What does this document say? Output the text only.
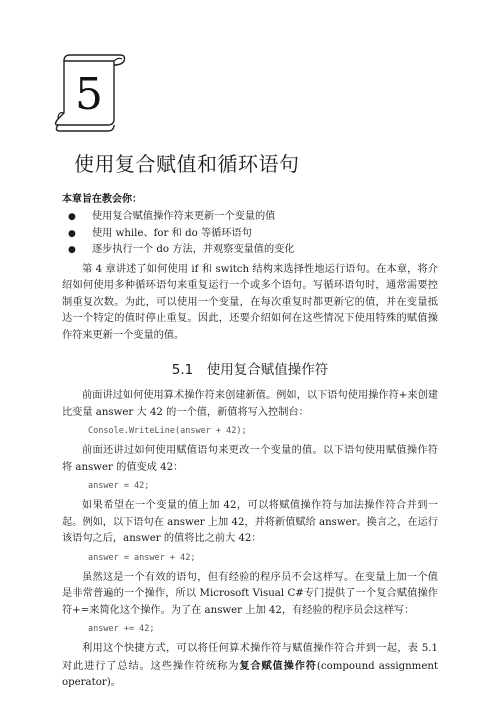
5
使用复合赋值和循环语句

本章旨在教会你：

● 使用复合赋值操作符来更新一个变量的值
● 使用 while、for 和 do 等循环语句
● 逐步执行一个 do 方法，并观察变量值的变化

第 4 章讲述了如何使用 if 和 switch 结构来选择性地运行语句。在本章，将介绍如何使用多种循环语句来重复运行一个或多个语句。写循环语句时，通常需要控制重复次数。为此，可以使用一个变量，在每次重复时都更新它的值，并在变量抵达一个特定的值时停止重复。因此，还要介绍如何在这些情况下使用特殊的赋值操作符来更新一个变量的值。

5.1　使用复合赋值操作符

前面讲过如何使用算术操作符来创建新值。例如，以下语句使用操作符+来创建比变量 answer 大 42 的一个值，新值将写入控制台：

Console.WriteLine(answer + 42);

前面还讲过如何使用赋值语句来更改一个变量的值。以下语句使用赋值操作符将 answer 的值变成 42：

answer = 42;

如果希望在一个变量的值上加 42，可以将赋值操作符与加法操作符合并到一起。例如，以下语句在 answer 上加 42，并将新值赋给 answer。换言之，在运行该语句之后，answer 的值将比之前大 42：

answer = answer + 42;

虽然这是一个有效的语句，但有经验的程序员不会这样写。在变量上加一个值是非常普遍的一个操作，所以 Microsoft Visual C#专门提供了一个复合赋值操作符+=来简化这个操作。为了在 answer 上加 42，有经验的程序员会这样写：

answer += 42;

利用这个快捷方式，可以将任何算术操作符与赋值操作符合并到一起，表 5.1 对此进行了总结。这些操作符统称为复合赋值操作符(compound assignment operator)。
